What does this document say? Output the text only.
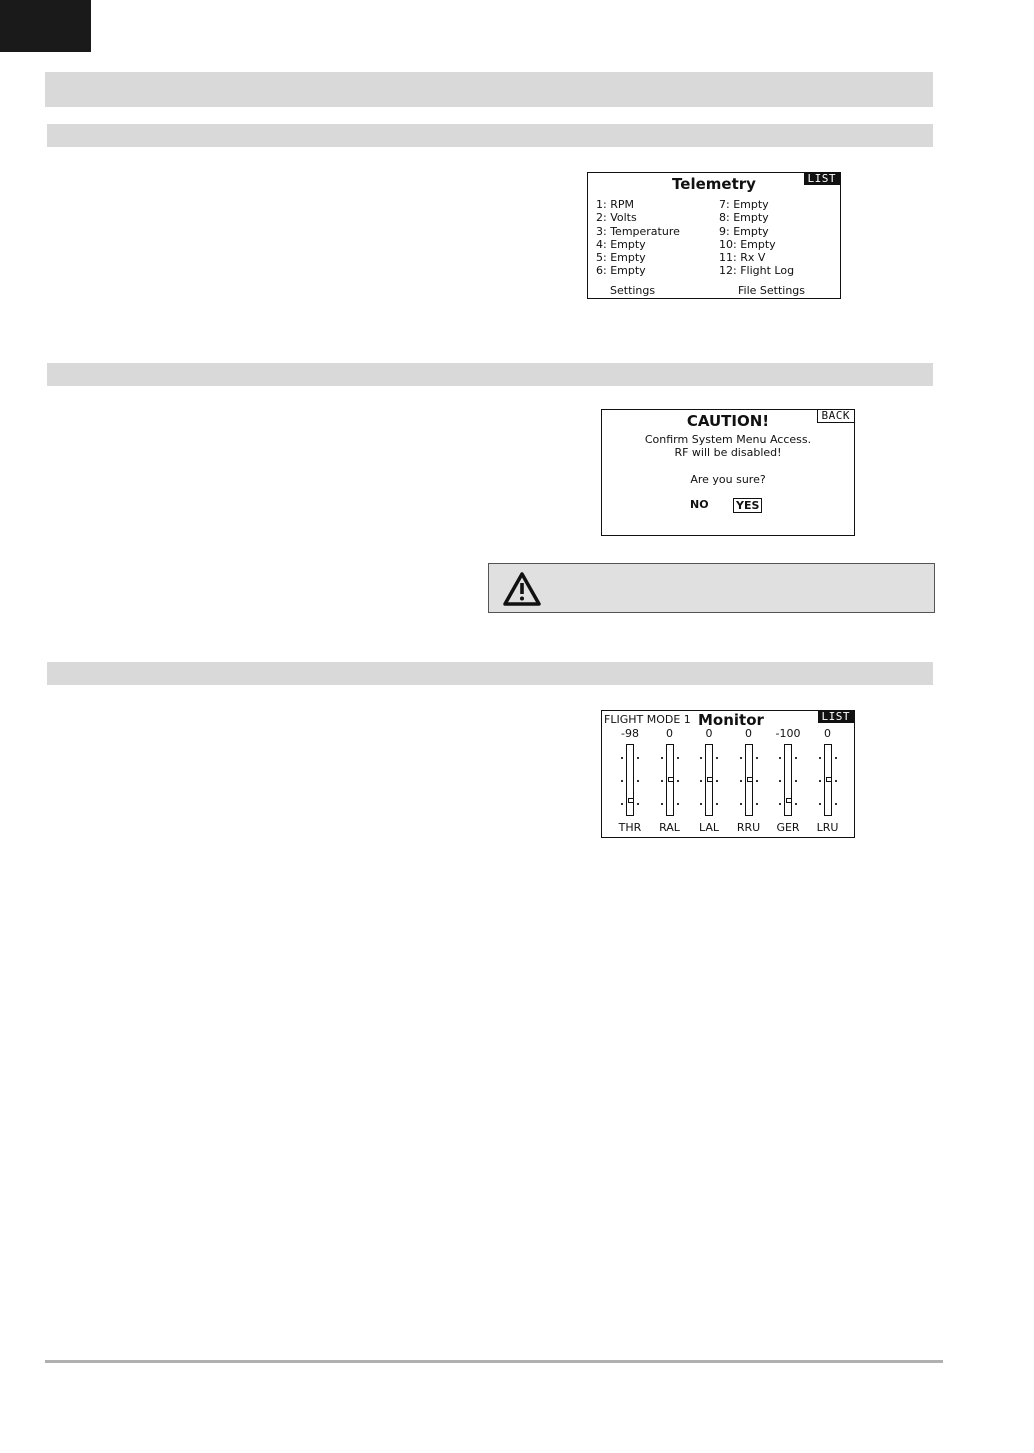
Telemetry	LIST
1: RPM
2: Volts
3: Temperature
4: Empty
5: Empty
6: Empty
7: Empty
8: Empty
9: Empty
10: Empty
11: Rx V
12: Flight Log
Settings	File Settings
BACK
CAUTION!
Confirm System Menu Access.
RF will be disabled!
Are you sure?
NO YES
FLIGHT MODE 1 Monitor	LIST
-98
THR
0
RAL
0
LAL
0
RRU
-100
GER
0
LRU
